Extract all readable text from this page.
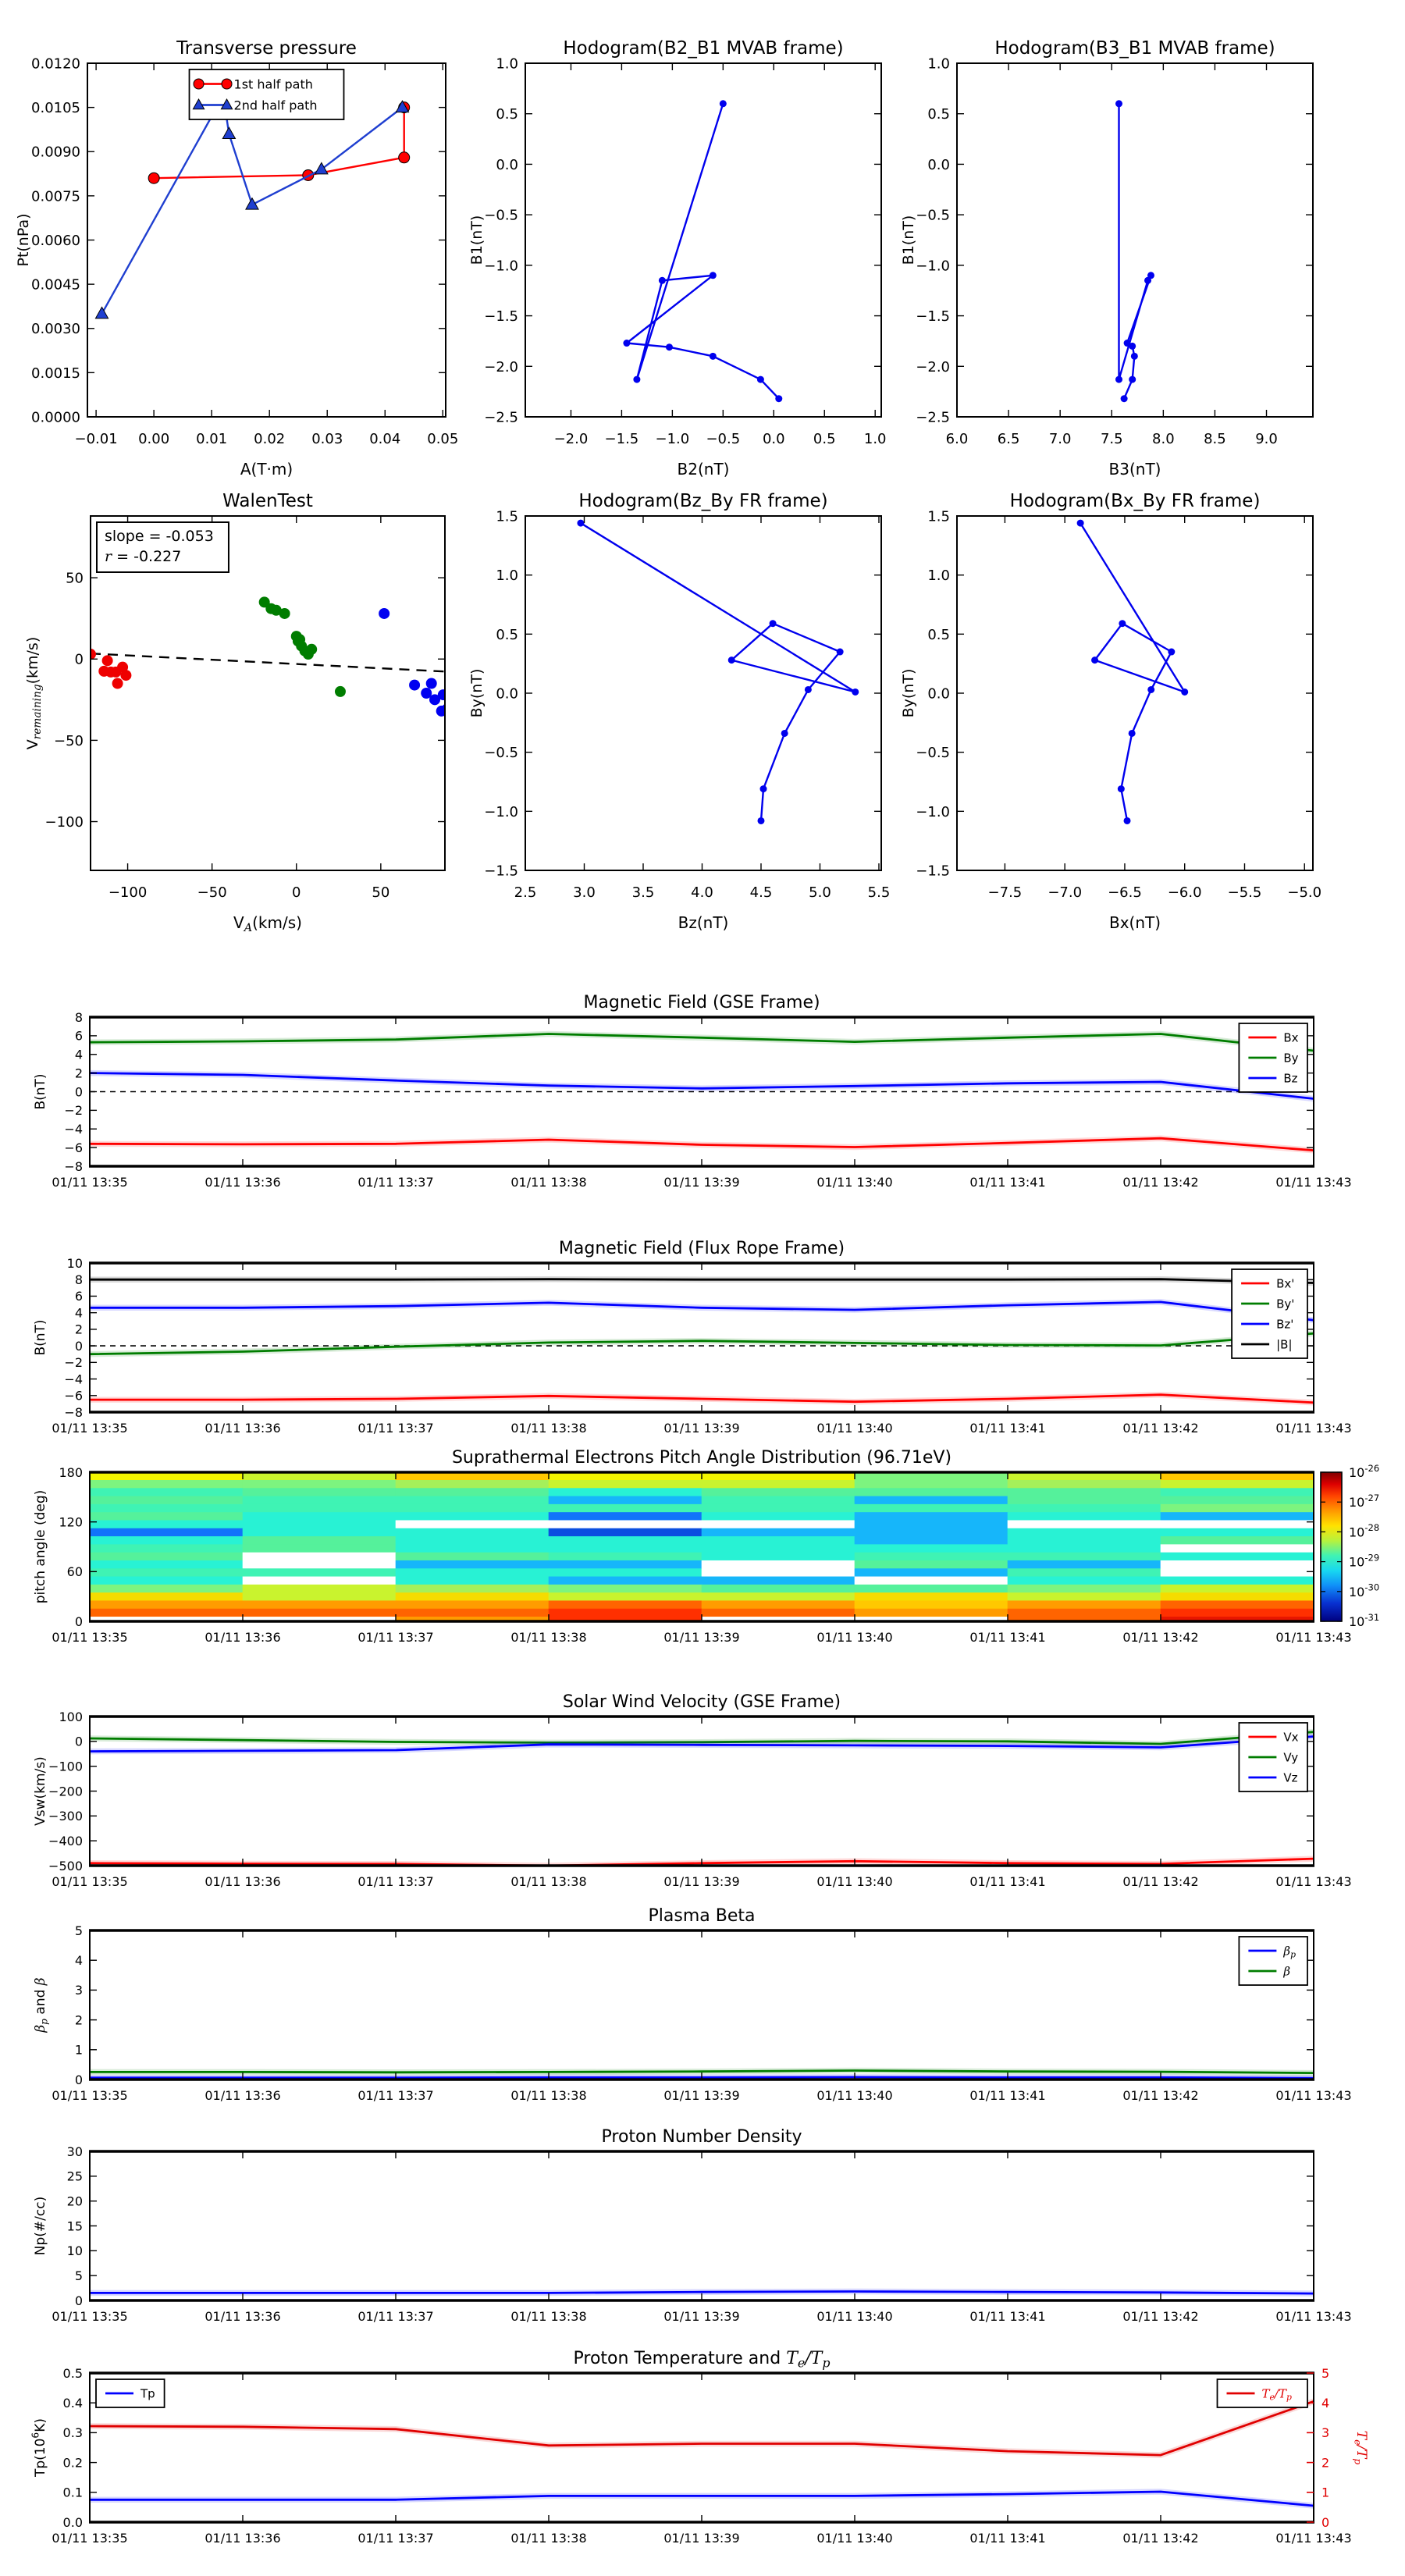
−0.01 0.00 0.01 0.02 0.03 0.04 0.05
0.0000
0.0015
0.0030
0.0045
0.0060
0.0075
0.0090
0.0105
0.0120
Transverse pressure
A(T·m)
Pt(nPa)
1st half path
2nd half path
−2.0 −1.5 −1.0 −0.5 0.0 0.5 1.0
−2.5
−2.0
−1.5
−1.0
−0.5
0.0
0.5
1.0
Hodogram(B2_B1 MVAB frame)
B2(nT)
B1(nT)
6.0 6.5 7.0 7.5 8.0 8.5 9.0
−2.5
−2.0
−1.5
−1.0
−0.5
0.0
0.5
1.0
Hodogram(B3_B1 MVAB frame)
B3(nT)
B1(nT)
−100	−50	0	50
50
0
−50
−100
WalenTest
$V_A(km/s)$
$V_{remaining}(km/s)$
slope = -0.053
r = -0.227
2.5	3.0	3.5	4.0	4.5	5.0	5.5
−1.5
−1.0
−0.5
0.0
0.5
1.0
1.5
Hodogram(Bz_By FR frame)
Bz(nT)
By(nT)
−7.5 −7.0 −6.5 −6.0 −5.5 −5.0
−1.5
−1.0
−0.5
0.0
0.5
1.0
1.5
Hodogram(Bx_By FR frame)
Bx(nT)
By(nT)
01/11 13:35	01/11 13:36	01/11 13:37	01/11 13:38	01/11 13:39	01/11 13:40	01/11 13:41	01/11 13:42	01/11 13:43
−8
−6
−4
−2
0
2
4
6
8
Magnetic Field (GSE Frame)
B(nT)
Bx
By
Bz
01/11 13:35	01/11 13:36	01/11 13:37	01/11 13:38	01/11 13:39	01/11 13:40	01/11 13:41	01/11 13:42	01/11 13:43
−8
−6
−4
−2
0
2
4
6
8
10
Magnetic Field (Flux Rope Frame)
B(nT)
Bx'
By'
Bz'
|B|
01/11 13:35	01/11 13:36	01/11 13:37	01/11 13:38	01/11 13:39	01/11 13:40	01/11 13:41	01/11 13:42	01/11 13:43
0
60
120
180
Suprathermal Electrons Pitch Angle Distribution (96.71eV)
pitch angle (deg)
$10^{-26}$
$10^{-27}$
$10^{-28}$
$10^{-29}$
$10^{-30}$
$10^{-31}$
01/11 13:35	01/11 13:36	01/11 13:37	01/11 13:38	01/11 13:39	01/11 13:40	01/11 13:41	01/11 13:42	01/11 13:43
−500
−400
−300
−200
−100
0
100
Solar Wind Velocity (GSE Frame)
Vsw(km/s)
Vx
Vy
Vz
01/11 13:35	01/11 13:36	01/11 13:37	01/11 13:38	01/11 13:39	01/11 13:40	01/11 13:41	01/11 13:42	01/11 13:43
0
1
2
3
4
5
Plasma Beta
$\beta_p$ and β
$\beta_p$
β
01/11 13:35	01/11 13:36	01/11 13:37	01/11 13:38	01/11 13:39	01/11 13:40	01/11 13:41	01/11 13:42	01/11 13:43
0
5
10
15
20
25
30
Proton Number Density
Np(#/cc)
01/11 13:35	01/11 13:36	01/11 13:37	01/11 13:38	01/11 13:39	01/11 13:40	01/11 13:41	01/11 13:42	01/11 13:43
0.0
0.1
0.2
0.3
0.4
0.5
0
1
2
3
4
5
$T_e/T_p$
Proton Temperature and $T_e/T_p$
$Tp(10^6K)$
Tp	$T_e/T_p$
